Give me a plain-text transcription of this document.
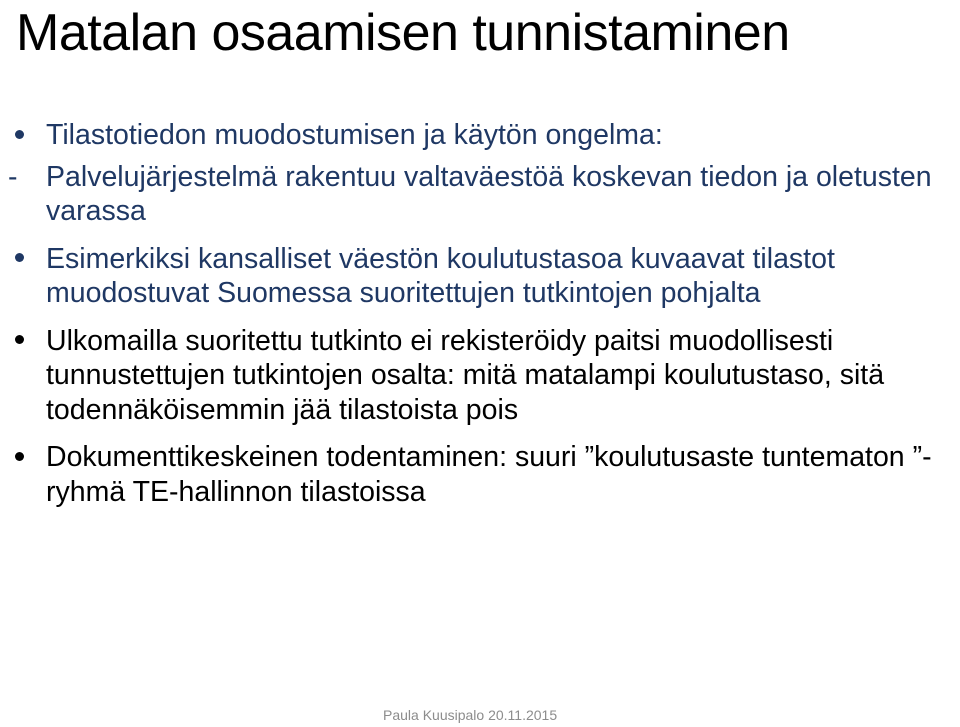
Matalan osaamisen tunnistaminen
Tilastotiedon muodostumisen ja käytön ongelma:
-	Palvelujärjestelmä rakentuu valtaväestöä koskevan tiedon ja oletusten varassa
Esimerkiksi kansalliset väestön koulutustasoa kuvaavat tilastot muodostuvat Suomessa suoritettujen tutkintojen pohjalta
Ulkomailla suoritettu tutkinto ei rekisteröidy paitsi muodollisesti tunnustettujen tutkintojen osalta: mitä matalampi koulutustaso, sitä todennäköisemmin jää tilastoista pois
Dokumenttikeskeinen todentaminen: suuri ”koulutusaste tuntematon ”-ryhmä TE-hallinnon tilastoissa
Paula Kuusipalo 20.11.2015
